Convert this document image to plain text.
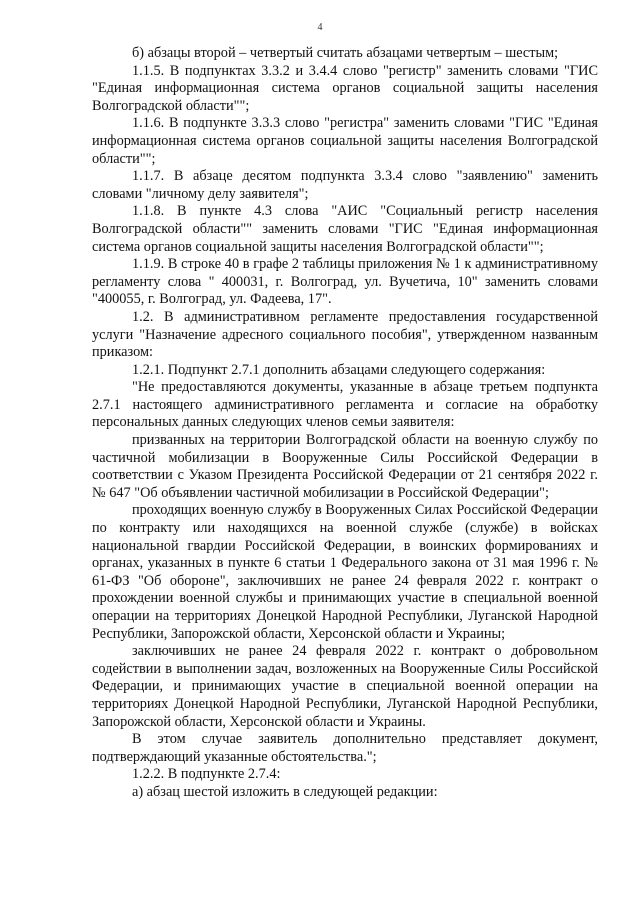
4

б) абзацы второй – четвертый считать абзацами четвертым – шестым;

1.1.5. В подпунктах 3.3.2 и 3.4.4 слово "регистр" заменить словами "ГИС "Единая информационная система органов социальной защиты населения Волгоградской области"";

1.1.6. В подпункте 3.3.3 слово "регистра" заменить словами "ГИС "Единая информационная система органов социальной защиты населения Волгоградской области"";

1.1.7. В абзаце десятом подпункта 3.3.4 слово "заявлению" заменить словами "личному делу заявителя";

1.1.8. В пункте 4.3 слова "АИС "Социальный регистр населения Волгоградской области"" заменить словами "ГИС "Единая информационная система органов социальной защиты населения Волгоградской области"";

1.1.9. В строке 40 в графе 2 таблицы приложения № 1 к административному регламенту слова " 400031, г. Волгоград, ул. Вучетича, 10" заменить словами "400055, г. Волгоград, ул. Фадеева, 17".

1.2. В административном регламенте предоставления государственной услуги "Назначение адресного социального пособия", утвержденном названным приказом:

1.2.1. Подпункт 2.7.1 дополнить абзацами следующего содержания:

"Не предоставляются документы, указанные в абзаце третьем подпункта 2.7.1 настоящего административного регламента и согласие на обработку персональных данных следующих членов семьи заявителя:

призванных на территории Волгоградской области на военную службу по частичной мобилизации в Вооруженные Силы Российской Федерации в соответствии с Указом Президента Российской Федерации от 21 сентября 2022 г. № 647 "Об объявлении частичной мобилизации в Российской Федерации";

проходящих военную службу в Вооруженных Силах Российской Федерации по контракту или находящихся на военной службе (службе) в войсках национальной гвардии Российской Федерации, в воинских формированиях и органах, указанных в пункте 6 статьи 1 Федерального закона от 31 мая 1996 г. № 61-ФЗ "Об обороне", заключивших не ранее 24 февраля 2022 г. контракт о прохождении военной службы и принимающих участие в специальной военной операции на территориях Донецкой Народной Республики, Луганской Народной Республики, Запорожской области, Херсонской области и Украины;

заключивших не ранее 24 февраля 2022 г. контракт о добровольном содействии в выполнении задач, возложенных на Вооруженные Силы Российской Федерации, и принимающих участие в специальной военной операции на территориях Донецкой Народной Республики, Луганской Народной Республики, Запорожской области, Херсонской области и Украины.

В этом случае заявитель дополнительно представляет документ, подтверждающий указанные обстоятельства.";

1.2.2. В подпункте 2.7.4:

а) абзац шестой изложить в следующей редакции:
